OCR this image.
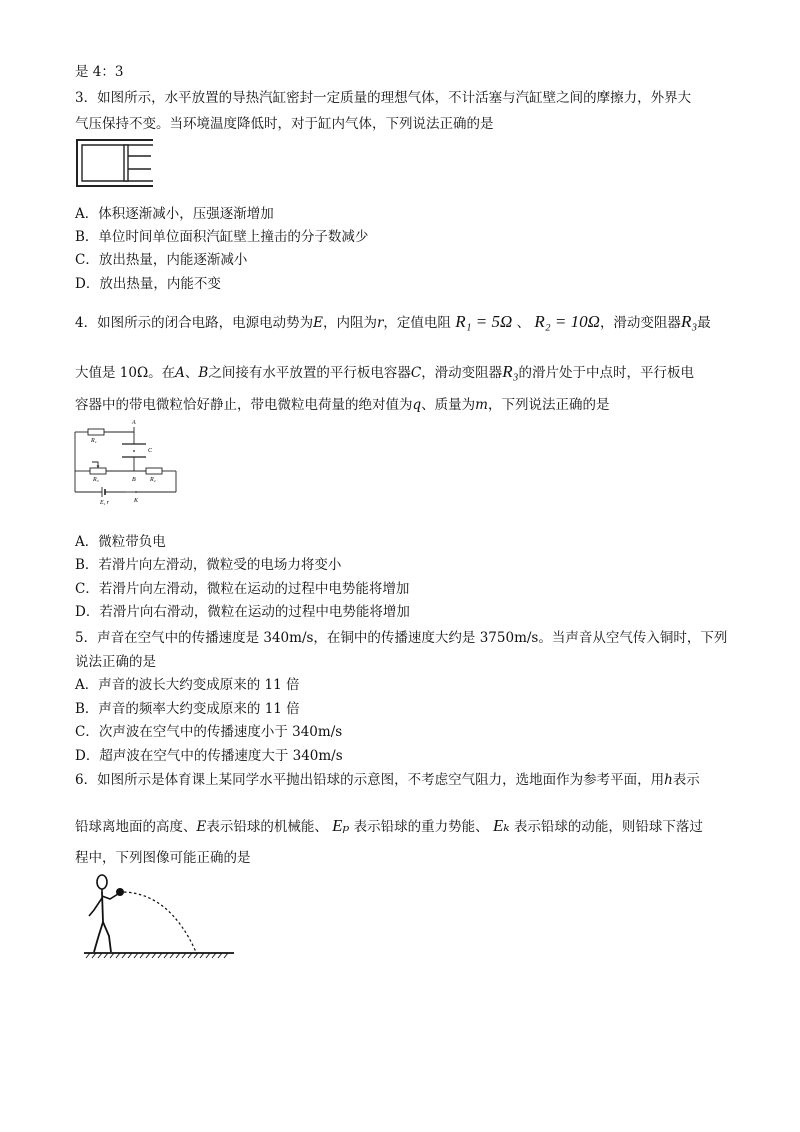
是 4：3
3．如图所示，水平放置的导热汽缸密封一定质量的理想气体，不计活塞与汽缸壁之间的摩擦力，外界大
气压保持不变。当环境温度降低时，对于缸内气体，下列说法正确的是
A．体积逐渐减小，压强逐渐增加
B．单位时间单位面积汽缸壁上撞击的分子数减少
C．放出热量，内能逐渐减小
D．放出热量，内能不变
4．如图所示的闭合电路，电源电动势为E，内阻为r，定值电阻 R₁ = 5Ω 、 R₂ = 10Ω，滑动变阻器R₃最
大值是 10Ω。在A、B之间接有水平放置的平行板电容器C，滑动变阻器R₃的滑片处于中点时，平行板电
容器中的带电微粒恰好静止，带电微粒电荷量的绝对值为q、质量为m，下列说法正确的是
A
R₁
C
R₃	B R₂
E, r	K
A．微粒带负电
B．若滑片向左滑动，微粒受的电场力将变小
C．若滑片向左滑动，微粒在运动的过程中电势能将增加
D．若滑片向右滑动，微粒在运动的过程中电势能将增加
5．声音在空气中的传播速度是 340m/s，在铜中的传播速度大约是 3750m/s。当声音从空气传入铜时，下列
说法正确的是
A．声音的波长大约变成原来的 11 倍
B．声音的频率大约变成原来的 11 倍
C．次声波在空气中的传播速度小于 340m/s
D．超声波在空气中的传播速度大于 340m/s
6．如图所示是体育课上某同学水平抛出铅球的示意图，不考虑空气阻力，选地面作为参考平面，用h表示
铅球离地面的高度、E表示铅球的机械能、 Eₚ 表示铅球的重力势能、 Eₖ 表示铅球的动能，则铅球下落过
程中，下列图像可能正确的是
